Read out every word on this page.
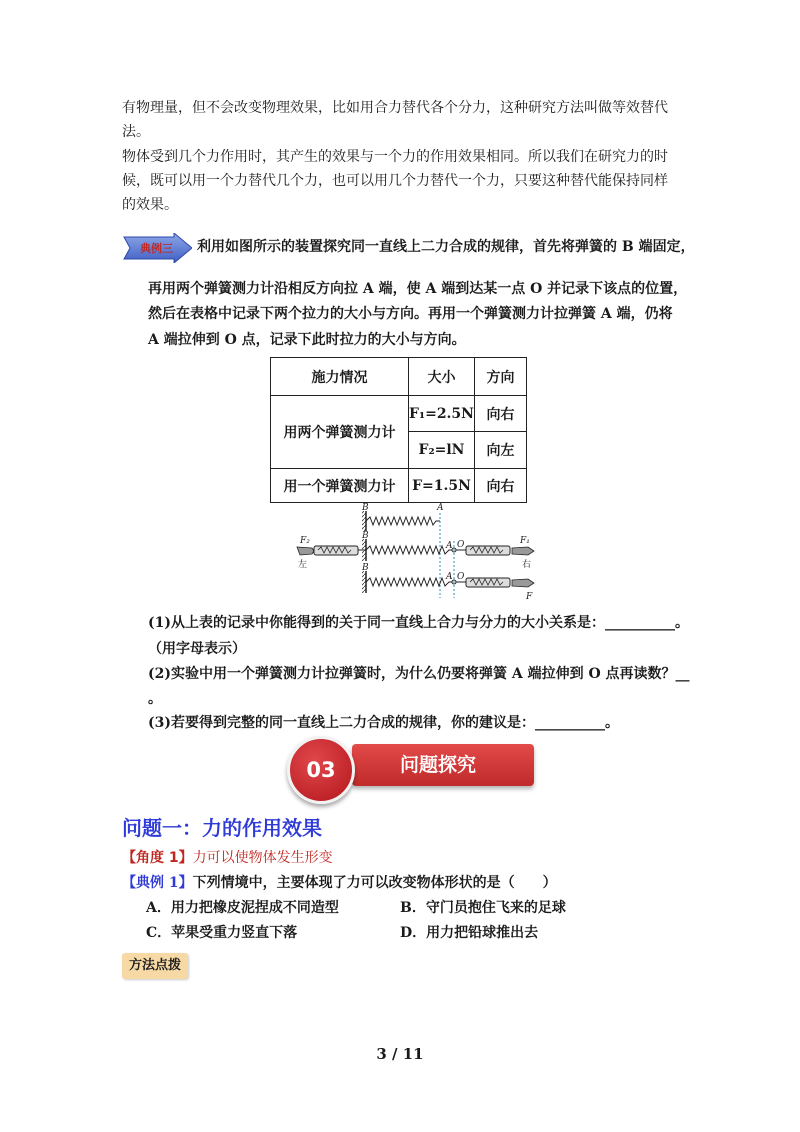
有物理量，但不会改变物理效果，比如用合力替代各个分力，这种研究方法叫做等效替代
法。
物体受到几个力作用时，其产生的效果与一个力的作用效果相同。所以我们在研究力的时
候，既可以用一个力替代几个力，也可以用几个力替代一个力，只要这种替代能保持同样
的效果。
典例三 利用如图所示的装置探究同一直线上二力合成的规律，首先将弹簧的 B 端固定，
再用两个弹簧测力计沿相反方向拉 A 端，使 A 端到达某一点 O 并记录下该点的位置，
然后在表格中记录下两个拉力的大小与方向。再用一个弹簧测力计拉弹簧 A 端，仍将
A 端拉伸到 O 点，记录下此时拉力的大小与方向。
施力情况	大小	方向
用两个弹簧测力计	F₁=2.5N	向右
	F₂=lN	向左
用一个弹簧测力计	F=1.5N	向右
B	A
F₂
左
B
A O	F₁
右
B
A O
F
(1)从上表的记录中你能得到的关于同一直线上合力与分力的大小关系是：__________。
（用字母表示）
(2)实验中用一个弹簧测力计拉弹簧时，为什么仍要将弹簧 A 端拉伸到 O 点再读数？__
。
(3)若要得到完整的同一直线上二力合成的规律，你的建议是：__________。
问题探究
03
问题一：力的作用效果
【角度 1】力可以使物体发生形变
【典例 1】下列情境中，主要体现了力可以改变物体形状的是（　　）
A．用力把橡皮泥捏成不同造型	B．守门员抱住飞来的足球
C．苹果受重力竖直下落	D．用力把铅球推出去
方法点拨
3 / 11
